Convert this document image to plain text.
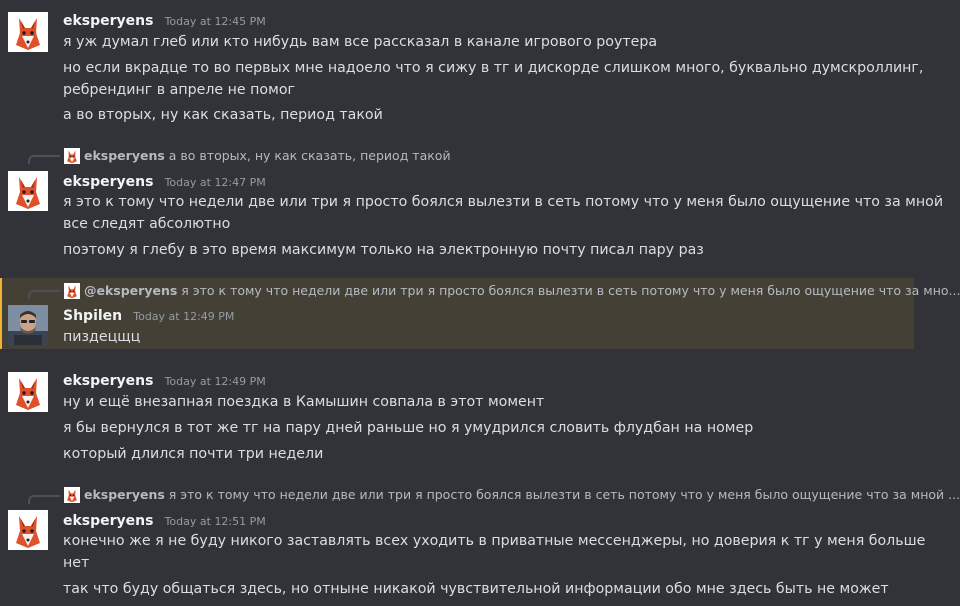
eksperyens Today at 12:45 PM
я уж думал глеб или кто нибудь вам все рассказал в канале игрового роутера
но если вкрадце то во первых мне надоело что я сижу в тг и дискорде слишком много, буквально думскроллинг,
ребрендинг в апреле не помог
а во вторых, ну как сказать, период такой
eksperyens а во вторых, ну как сказать, период такой
eksperyens Today at 12:47 PM
я это к тому что недели две или три я просто боялся вылезти в сеть потому что у меня было ощущение что за мной
все следят абсолютно
поэтому я глебу в это время максимум только на электронную почту писал пару раз
@eksperyens я это к тому что недели две или три я просто боялся вылезти в сеть потому что у меня было ощущение что за мно...
Shpilen Today at 12:49 PM
пиздецщц
eksperyens Today at 12:49 PM
ну и ещё внезапная поездка в Камышин совпала в этот момент
я бы вернулся в тот же тг на пару дней раньше но я умудрился словить флудбан на номер
который длился почти три недели
eksperyens я это к тому что недели две или три я просто боялся вылезти в сеть потому что у меня было ощущение что за мной ...
eksperyens Today at 12:51 PM
конечно же я не буду никого заставлять всех уходить в приватные мессенджеры, но доверия к тг у меня больше
нет
так что буду общаться здесь, но отныне никакой чувствительной информации обо мне здесь быть не может
